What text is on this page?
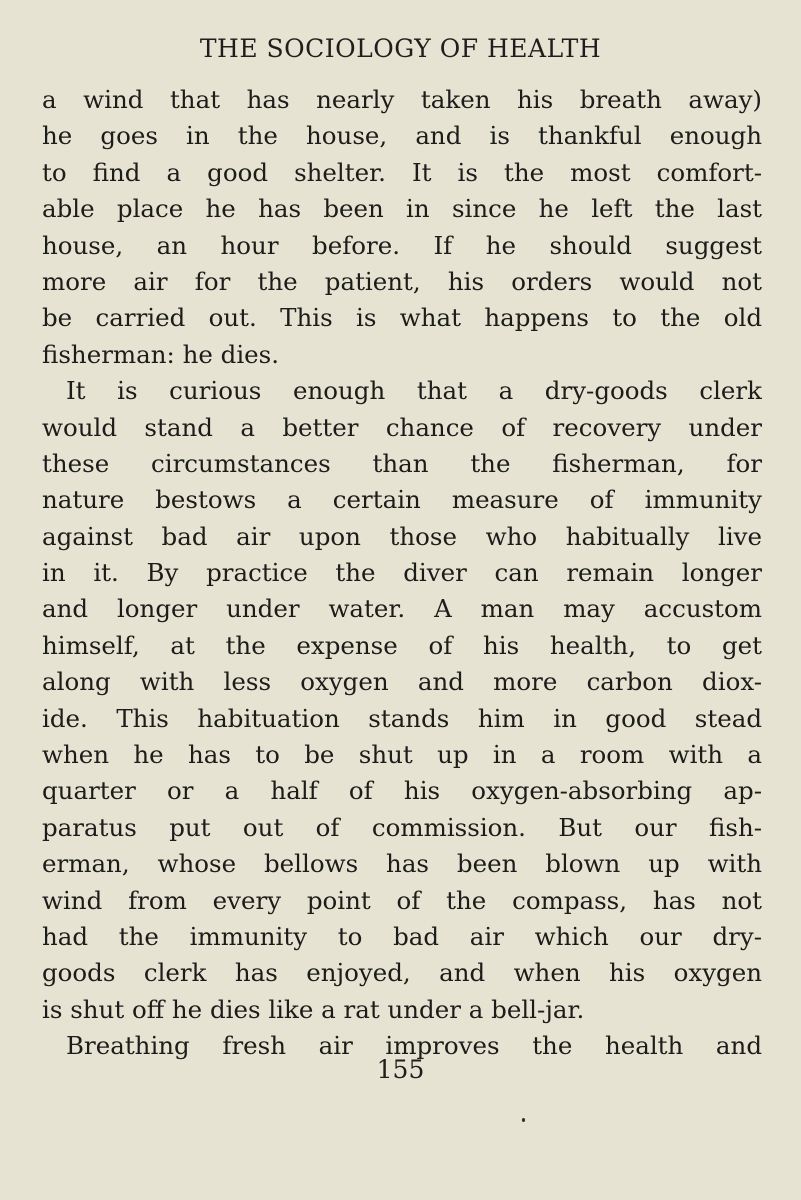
THE SOCIOLOGY OF HEALTH
a wind that has nearly taken his breath away)
he goes in the house, and is thankful enough
to find a good shelter. It is the most comfort-
able place he has been in since he left the last
house, an hour before. If he should suggest
more air for the patient, his orders would not
be carried out. This is what happens to the old
fisherman: he dies.
It is curious enough that a dry-goods clerk
would stand a better chance of recovery under
these circumstances than the fisherman, for
nature bestows a certain measure of immunity
against bad air upon those who habitually live
in it. By practice the diver can remain longer
and longer under water. A man may accustom
himself, at the expense of his health, to get
along with less oxygen and more carbon diox-
ide. This habituation stands him in good stead
when he has to be shut up in a room with a
quarter or a half of his oxygen-absorbing ap-
paratus put out of commission. But our fish-
erman, whose bellows has been blown up with
wind from every point of the compass, has not
had the immunity to bad air which our dry-
goods clerk has enjoyed, and when his oxygen
is shut off he dies like a rat under a bell-jar.
Breathing fresh air improves the health and
155
